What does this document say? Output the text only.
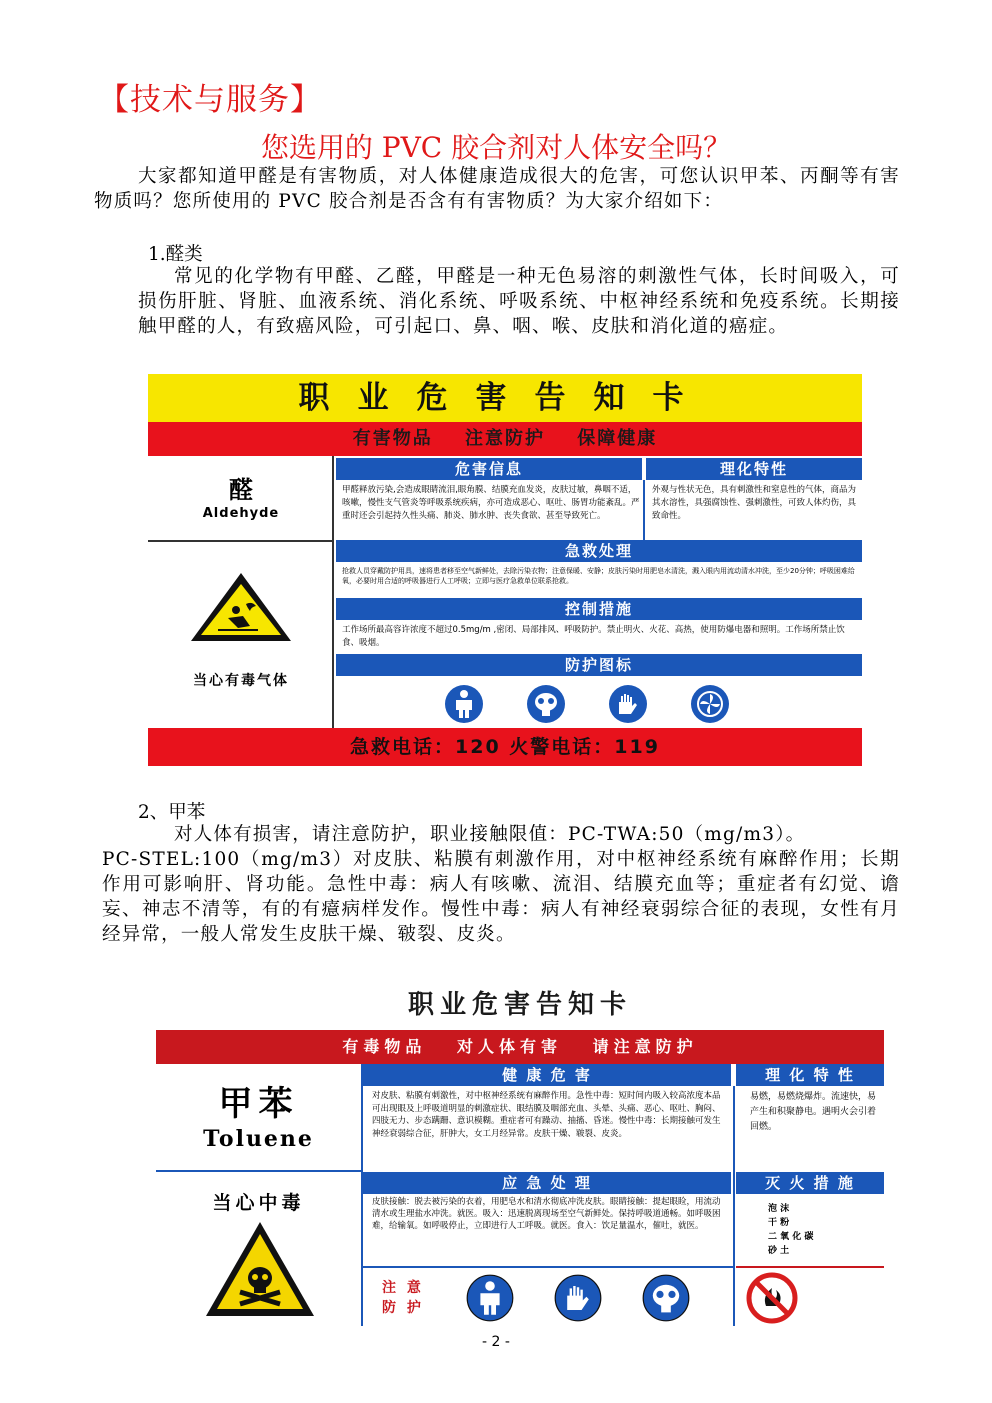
【技术与服务】
您选用的 PVC 胶合剂对人体安全吗？
大家都知道甲醛是有害物质，对人体健康造成很大的危害，可您认识甲苯、丙酮等有害物质吗？您所使用的 PVC 胶合剂是否含有有害物质？为大家介绍如下：
1.醛类
常见的化学物有甲醛、乙醛，甲醛是一种无色易溶的刺激性气体，长时间吸入，可损伤肝脏、肾脏、血液系统、消化系统、呼吸系统、中枢神经系统和免疫系统。长期接触甲醛的人，有致癌风险，可引起口、鼻、咽、喉、皮肤和消化道的癌症。
职业危害告知卡
有害物品 注意防护 保障健康
醛
Aldehyde
当心有毒气体
危害信息	理化特性
甲醛释放污染,会造成眼睛流泪,眼角膜、结膜充血发炎，皮肤过敏，鼻咽不适，咳嗽，慢性支气管炎等呼吸系统疾病，亦可造成恶心、呕吐、肠胃功能紊乱。严重时还会引起持久性头痛、肺炎、肺水肿、丧失食欲、甚至导致死亡。
外观与性状无色，具有刺激性和窒息性的气体，商品为其水溶性，具强腐蚀性、强刺激性，可致人体灼伤，具致命性。
急救处理
抢救人员穿戴防护用具，速将患者移至空气新鲜处，去除污染衣物；注意保暖、安静；皮肤污染时用肥皂水清洗，溅入眼内用流动清水冲洗，至少20分钟；呼吸困难给氧，必要时用合适的呼吸器进行人工呼吸；立即与医疗急救单位联系抢救。
控制措施
工作场所最高容许浓度不超过0.5mg/m ,密闭、局部排风、呼吸防护。禁止明火、火花、高热，使用防爆电器和照明。工作场所禁止饮食、吸烟。
防护图标
急救电话：120 火警电话：119
2、甲苯
对人体有损害，请注意防护，职业接触限值：PC-TWA:50（mg/m3）。
PC-STEL:100（mg/m3）对皮肤、粘膜有刺激作用，对中枢神经系统有麻醉作用；长期作用可影响肝、肾功能。急性中毒：病人有咳嗽、流泪、结膜充血等；重症者有幻觉、谵妄、神志不清等，有的有癔病样发作。慢性中毒：病人有神经衰弱综合征的表现，女性有月经异常，一般人常发生皮肤干燥、皲裂、皮炎。
职业危害告知卡
有毒物品 对人体有害 请注意防护
甲苯
Toluene
当心中毒
健 康 危 害	理 化 特 性
对皮肤、粘膜有刺激性，对中枢神经系统有麻醉作用。急性中毒：短时间内吸入较高浓度本品可出现眼及上呼吸道明显的刺激症状、眼结膜及咽部充血、头晕、头痛、恶心、呕吐、胸闷、四肢无力、步态蹒跚、意识模糊。重症者可有躁动、抽搐、昏迷。慢性中毒：长期接触可发生神经衰弱综合征，肝肿大，女工月经异常。皮肤干燥、皲裂、皮炎。
易燃，易燃烧爆炸。流速快，易产生和积聚静电。遇明火会引着回燃。
应 急 处 理	灭 火 措 施
皮肤接触：脱去被污染的衣着，用肥皂水和清水彻底冲洗皮肤。眼睛接触：提起眼睑，用流动清水或生理盐水冲洗。就医。吸入：迅速脱离现场至空气新鲜处。保持呼吸道通畅。如呼吸困难，给输氧。如呼吸停止，立即进行人工呼吸。就医。食入：饮足量温水，催吐，就医。
泡 沫
干 粉
二 氧 化 碳
砂 土
注 意 防 护
- 2 -
